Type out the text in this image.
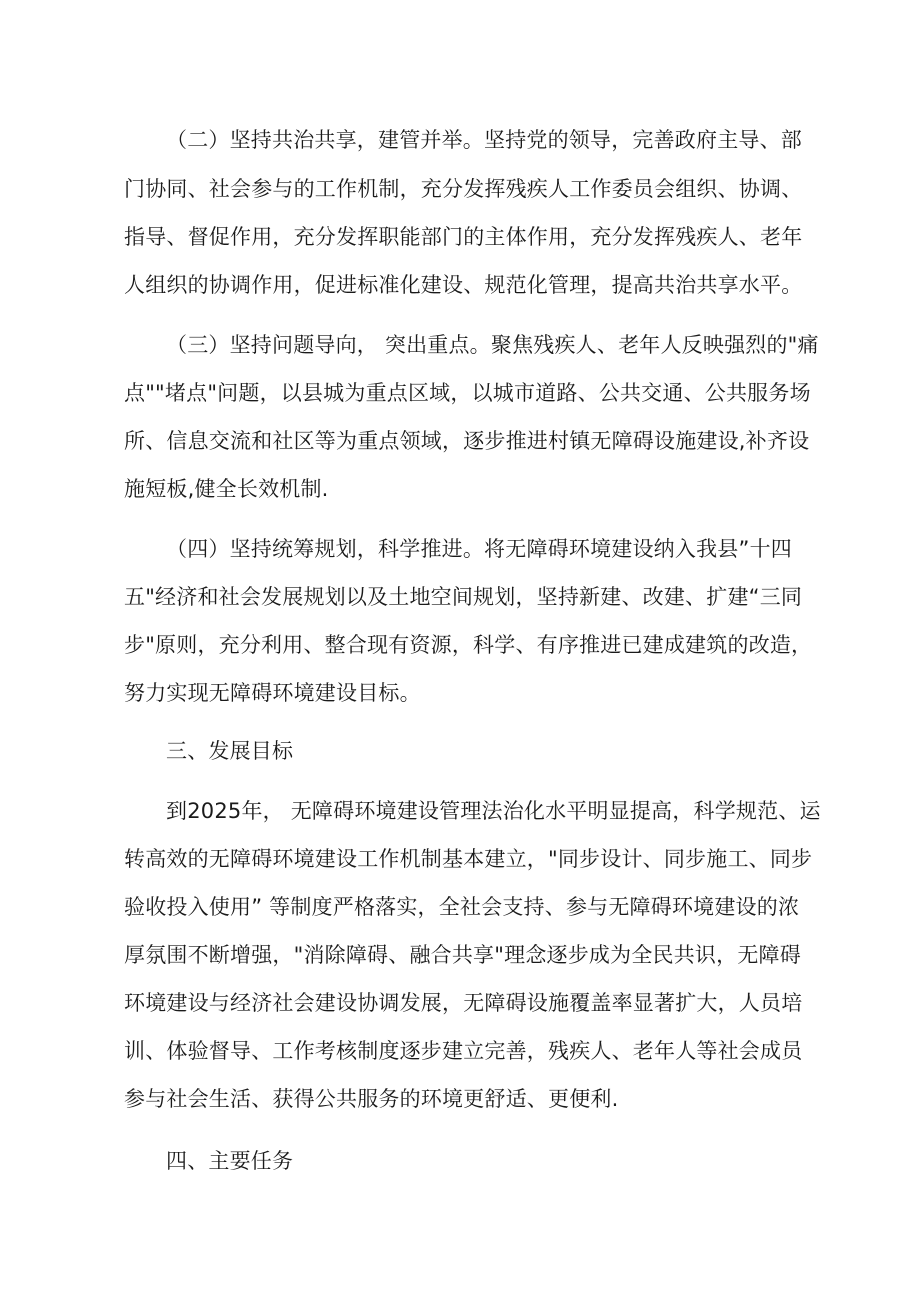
（二）坚持共治共享，建管并举。坚持党的领导，完善政府主导、部
门协同、社会参与的工作机制，充分发挥残疾人工作委员会组织、协调、
指导、督促作用，充分发挥职能部门的主体作用，充分发挥残疾人、老年
人组织的协调作用，促进标准化建设、规范化管理，提高共治共享水平。
（三）坚持问题导向， 突出重点。聚焦残疾人、老年人反映强烈的"痛
点""堵点"问题，以县城为重点区域，以城市道路、公共交通、公共服务场
所、信息交流和社区等为重点领域，逐步推进村镇无障碍设施建设,补齐设
施短板,健全长效机制.
（四）坚持统筹规划，科学推进。将无障碍环境建设纳入我县”十四
五"经济和社会发展规划以及土地空间规划，坚持新建、改建、扩建“三同
步"原则，充分利用、整合现有资源，科学、有序推进已建成建筑的改造，
努力实现无障碍环境建设目标。
三、发展目标
到2025年， 无障碍环境建设管理法治化水平明显提高，科学规范、运
转高效的无障碍环境建设工作机制基本建立，"同步设计、同步施工、同步
验收投入使用” 等制度严格落实，全社会支持、参与无障碍环境建设的浓
厚氛围不断增强，"消除障碍、融合共享"理念逐步成为全民共识，无障碍
环境建设与经济社会建设协调发展，无障碍设施覆盖率显著扩大，人员培
训、体验督导、工作考核制度逐步建立完善，残疾人、老年人等社会成员
参与社会生活、获得公共服务的环境更舒适、更便利.
四、主要任务
